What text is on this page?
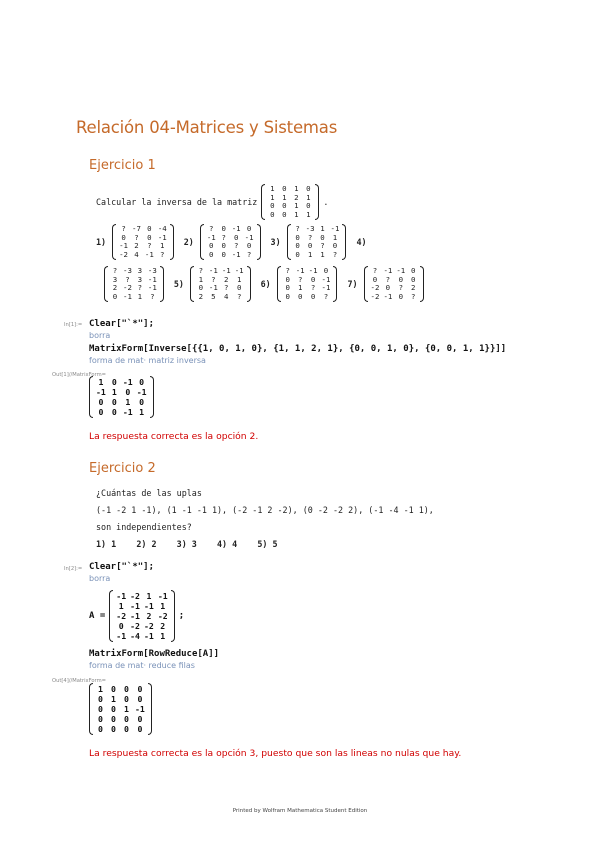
Relación 04-Matrices y Sistemas
Ejercicio 1
Calcular la inversa de la matriz
1	0	1	0
1	1	2	1
0	0	1	0
0	0	1	1
.
1)
?	-7	0	-4
0	?	0	-1
-1	2	?	1
-2	4	-1	?
2)
?	0	-1	0
-1	?	0	-1
0	0	?	0
0	0	-1	?
3)
?	-3	1	-1
0	?	0	1
0	0	?	0
0	1	1	?
4)
?	-3	3	-3
3	?	3	-1
2	-2	?	-1
0	-1	1	?
5)
?	-1	-1	-1
1	?	2	1
0	-1	?	0
2	5	4	?
6)
?	-1	-1	0
0	?	0	-1
0	1	?	-1
0	0	0	?
7)
?	-1	-1	0
0	?	0	0
-2	0	?	2
-2	-1	0	?
In[1]:= Clear["`*"];
borra
MatrixForm[Inverse[{{1, 0, 1, 0}, {1, 1, 2, 1}, {0, 0, 1, 0}, {0, 0, 1, 1}}]]
forma de mat· matriz inversa
Out[1]//MatrixForm=
1	0	-1	0
-1	1	0	-1
0	0	1	0
0	0	-1	1
La respuesta correcta es la opción 2.
Ejercicio 2
¿Cuántas de las uplas
(-1 -2 1 -1), (1 -1 -1 1), (-2 -1 2 -2), (0 -2 -2 2), (-1 -4 -1 1),
son independientes?
1) 1    2) 2    3) 3    4) 4    5) 5
In[2]:= Clear["`*"];
borra
A =
-1	-2	1	-1
1	-1	-1	1
-2	-1	2	-2
0	-2	-2	2
-1	-4	-1	1
;
MatrixForm[RowReduce[A]]
forma de mat· reduce filas
Out[4]//MatrixForm=
1	0	0	0
0	1	0	0
0	0	1	-1
0	0	0	0
0	0	0	0
La respuesta correcta es la opción 3, puesto que son las lineas no nulas que hay.
Printed by Wolfram Mathematica Student Edition
